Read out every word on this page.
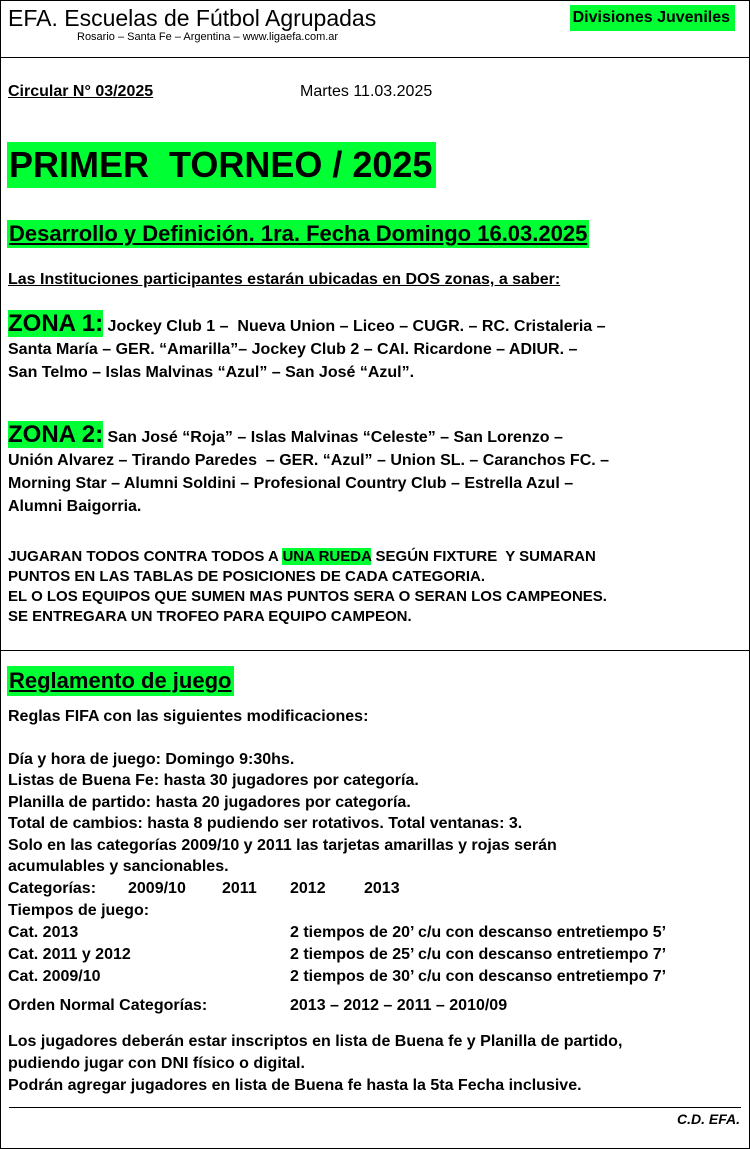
EFA. Escuelas de Fútbol Agrupadas
Rosario – Santa Fe – Argentina – www.ligaefa.com.ar
Divisiones Juveniles
Circular N° 03/2025	Martes 11.03.2025
PRIMER  TORNEO / 2025
Desarrollo y Definición. 1ra. Fecha Domingo 16.03.2025
Las Instituciones participantes estarán ubicadas en DOS zonas, a saber:
ZONA 1: Jockey Club 1 –  Nueva Union – Liceo – CUGR. – RC. Cristaleria –
Santa María – GER. “Amarilla”– Jockey Club 2 – CAI. Ricardone – ADIUR. –
San Telmo – Islas Malvinas “Azul” – San José “Azul”.
ZONA 2: San José “Roja” – Islas Malvinas “Celeste” – San Lorenzo –
Unión Alvarez – Tirando Paredes  – GER. “Azul” – Union SL. – Caranchos FC. –
Morning Star – Alumni Soldini – Profesional Country Club – Estrella Azul –
Alumni Baigorria.
JUGARAN TODOS CONTRA TODOS A UNA RUEDA SEGÚN FIXTURE  Y SUMARAN
PUNTOS EN LAS TABLAS DE POSICIONES DE CADA CATEGORIA.
EL O LOS EQUIPOS QUE SUMEN MAS PUNTOS SERA O SERAN LOS CAMPEONES.
SE ENTREGARA UN TROFEO PARA EQUIPO CAMPEON.
Reglamento de juego
Reglas FIFA con las siguientes modificaciones:
Día y hora de juego: Domingo 9:30hs.
Listas de Buena Fe: hasta 30 jugadores por categoría.
Planilla de partido: hasta 20 jugadores por categoría.
Total de cambios: hasta 8 pudiendo ser rotativos. Total ventanas: 3.
Solo en las categorías 2009/10 y 2011 las tarjetas amarillas y rojas serán
acumulables y sancionables.
Categorías: 2009/10 2011 2012 2013
Tiempos de juego:
Cat. 2013	2 tiempos de 20’ c/u con descanso entretiempo 5’
Cat. 2011 y 2012	2 tiempos de 25’ c/u con descanso entretiempo 7’
Cat. 2009/10	2 tiempos de 30’ c/u con descanso entretiempo 7’
Orden Normal Categorías:	2013 – 2012 – 2011 – 2010/09
Los jugadores deberán estar inscriptos en lista de Buena fe y Planilla de partido,
pudiendo jugar con DNI físico o digital.
Podrán agregar jugadores en lista de Buena fe hasta la 5ta Fecha inclusive.
C.D. EFA.
